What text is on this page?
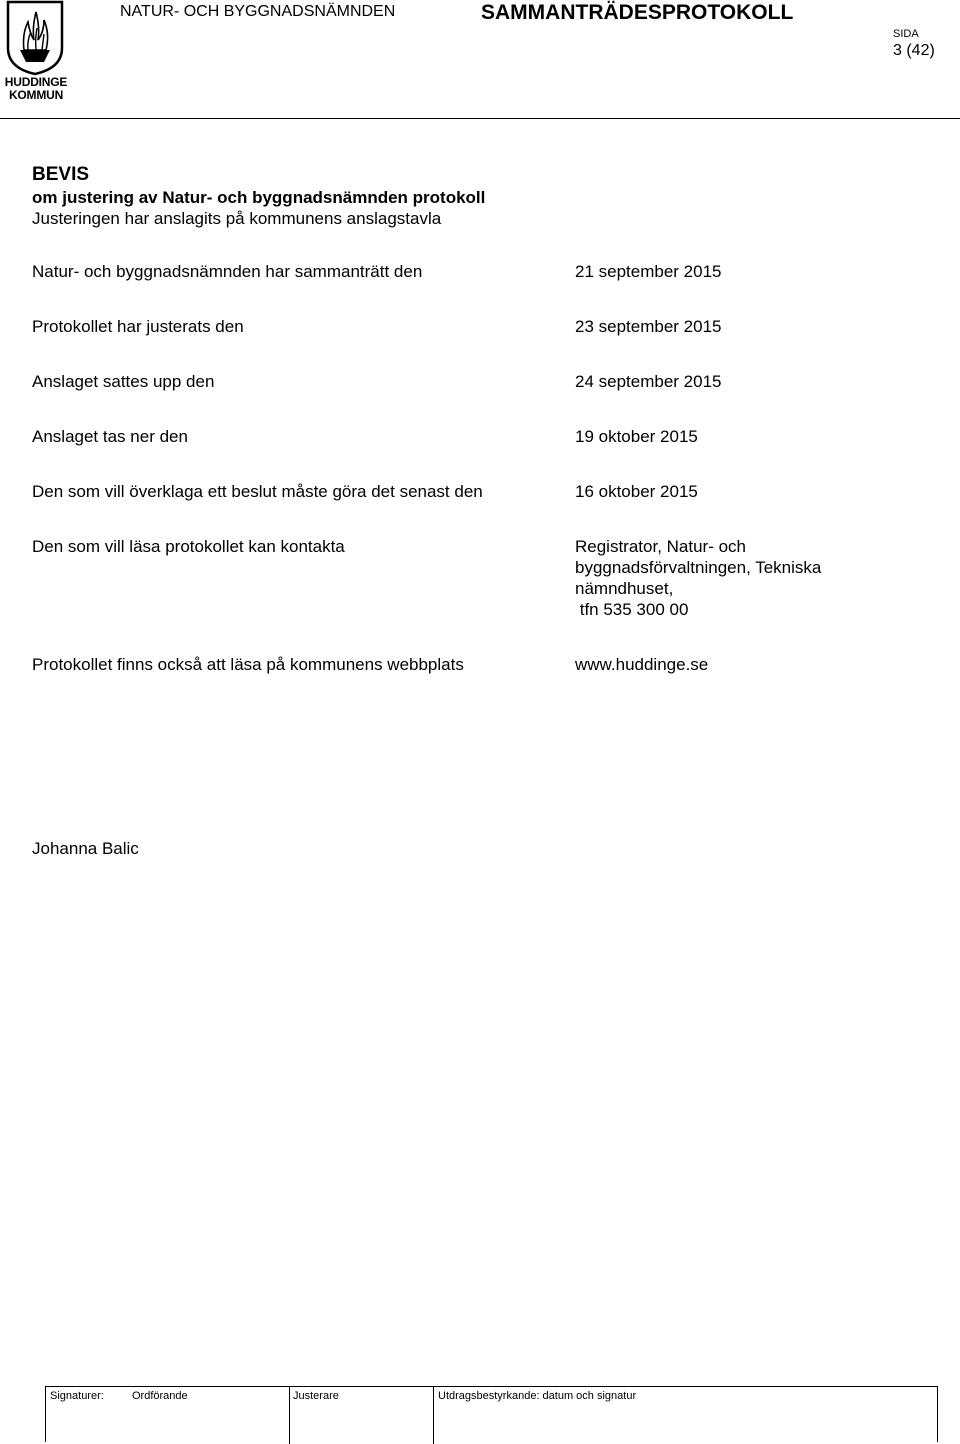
HUDDINGE
KOMMUN
NATUR- OCH BYGGNADSNÄMNDEN	SAMMANTRÄDESPROTOKOLL
SIDA
3 (42)
BEVIS
om justering av Natur- och byggnadsnämnden protokoll
Justeringen har anslagits på kommunens anslagstavla
Natur- och byggnadsnämnden har sammanträtt den	21 september 2015
Protokollet har justerats den	23 september 2015
Anslaget sattes upp den	24 september 2015
Anslaget tas ner den	19 oktober 2015
Den som vill överklaga ett beslut måste göra det senast den	16 oktober 2015
Den som vill läsa protokollet kan kontakta	Registrator, Natur- och
byggnadsförvaltningen, Tekniska
nämndhuset,
tfn 535 300 00
Protokollet finns också att läsa på kommunens webbplats	www.huddinge.se
Johanna Balic
Signaturer:	Ordförande	Justerare	Utdragsbestyrkande: datum och signatur
